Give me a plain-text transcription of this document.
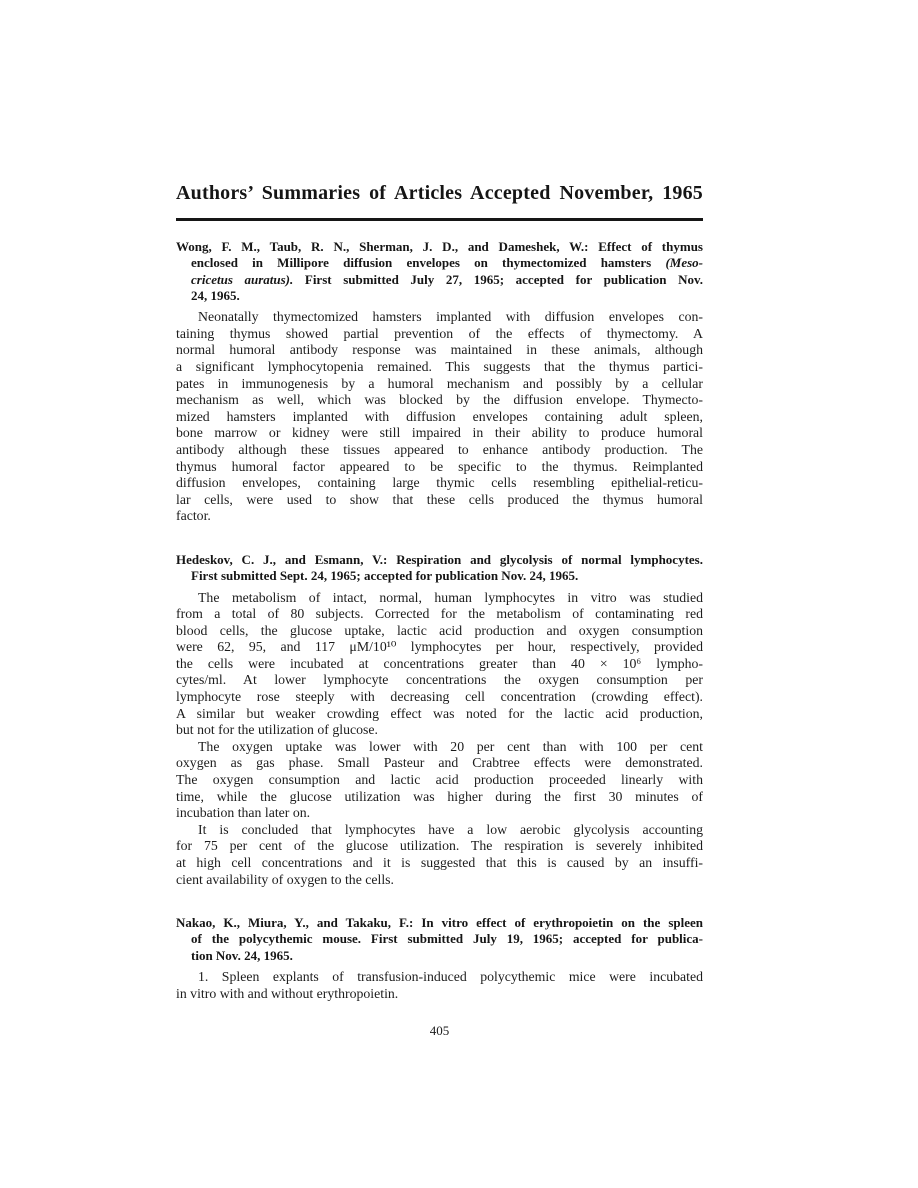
Authors’ Summaries of Articles Accepted November, 1965
Wong, F. M., Taub, R. N., Sherman, J. D., and Dameshek, W.: Effect of thymus
enclosed in Millipore diffusion envelopes on thymectomized hamsters (Meso-
cricetus auratus). First submitted July 27, 1965; accepted for publication Nov.
24, 1965.
Neonatally thymectomized hamsters implanted with diffusion envelopes con-
taining thymus showed partial prevention of the effects of thymectomy. A
normal humoral antibody response was maintained in these animals, although
a significant lymphocytopenia remained. This suggests that the thymus partici-
pates in immunogenesis by a humoral mechanism and possibly by a cellular
mechanism as well, which was blocked by the diffusion envelope. Thymecto-
mized hamsters implanted with diffusion envelopes containing adult spleen,
bone marrow or kidney were still impaired in their ability to produce humoral
antibody although these tissues appeared to enhance antibody production. The
thymus humoral factor appeared to be specific to the thymus. Reimplanted
diffusion envelopes, containing large thymic cells resembling epithelial-reticu-
lar cells, were used to show that these cells produced the thymus humoral
factor.
Hedeskov, C. J., and Esmann, V.: Respiration and glycolysis of normal lymphocytes.
First submitted Sept. 24, 1965; accepted for publication Nov. 24, 1965.
The metabolism of intact, normal, human lymphocytes in vitro was studied
from a total of 80 subjects. Corrected for the metabolism of contaminating red
blood cells, the glucose uptake, lactic acid production and oxygen consumption
were 62, 95, and 117 μM/10¹⁰ lymphocytes per hour, respectively, provided
the cells were incubated at concentrations greater than 40 × 10⁶ lympho-
cytes/ml. At lower lymphocyte concentrations the oxygen consumption per
lymphocyte rose steeply with decreasing cell concentration (crowding effect).
A similar but weaker crowding effect was noted for the lactic acid production,
but not for the utilization of glucose.
The oxygen uptake was lower with 20 per cent than with 100 per cent
oxygen as gas phase. Small Pasteur and Crabtree effects were demonstrated.
The oxygen consumption and lactic acid production proceeded linearly with
time, while the glucose utilization was higher during the first 30 minutes of
incubation than later on.
It is concluded that lymphocytes have a low aerobic glycolysis accounting
for 75 per cent of the glucose utilization. The respiration is severely inhibited
at high cell concentrations and it is suggested that this is caused by an insuffi-
cient availability of oxygen to the cells.
Nakao, K., Miura, Y., and Takaku, F.: In vitro effect of erythropoietin on the spleen
of the polycythemic mouse. First submitted July 19, 1965; accepted for publica-
tion Nov. 24, 1965.
1. Spleen explants of transfusion-induced polycythemic mice were incubated
in vitro with and without erythropoietin.
405
